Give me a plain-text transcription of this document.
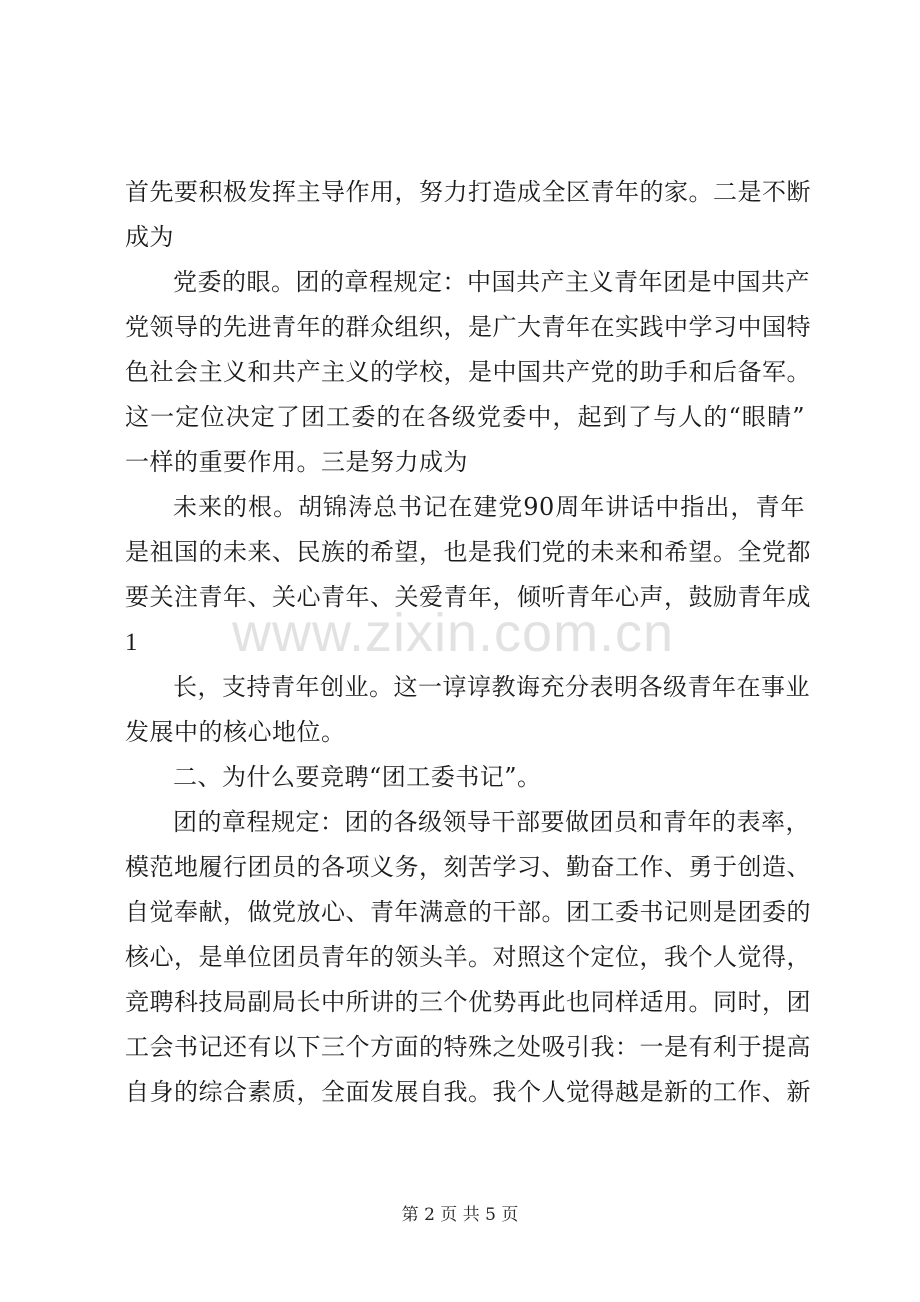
首先要积极发挥主导作用，努力打造成全区青年的家。二是不断
成为
党委的眼。团的章程规定：中国共产主义青年团是中国共产
党领导的先进青年的群众组织，是广大青年在实践中学习中国特
色社会主义和共产主义的学校，是中国共产党的助手和后备军。
这一定位决定了团工委的在各级党委中，起到了与人的“眼睛”
一样的重要作用。三是努力成为
未来的根。胡锦涛总书记在建党90周年讲话中指出，青年
是祖国的未来、民族的希望，也是我们党的未来和希望。全党都
要关注青年、关心青年、关爱青年，倾听青年心声，鼓励青年成
1
长，支持青年创业。这一谆谆教诲充分表明各级青年在事业
发展中的核心地位。
二、为什么要竞聘“团工委书记”。
团的章程规定：团的各级领导干部要做团员和青年的表率，
模范地履行团员的各项义务，刻苦学习、勤奋工作、勇于创造、
自觉奉献，做党放心、青年满意的干部。团工委书记则是团委的
核心，是单位团员青年的领头羊。对照这个定位，我个人觉得，
竞聘科技局副局长中所讲的三个优势再此也同样适用。同时，团
工会书记还有以下三个方面的特殊之处吸引我：一是有利于提高
自身的综合素质，全面发展自我。我个人觉得越是新的工作、新
www.zixin.com.cn
第 2 页 共 5 页
